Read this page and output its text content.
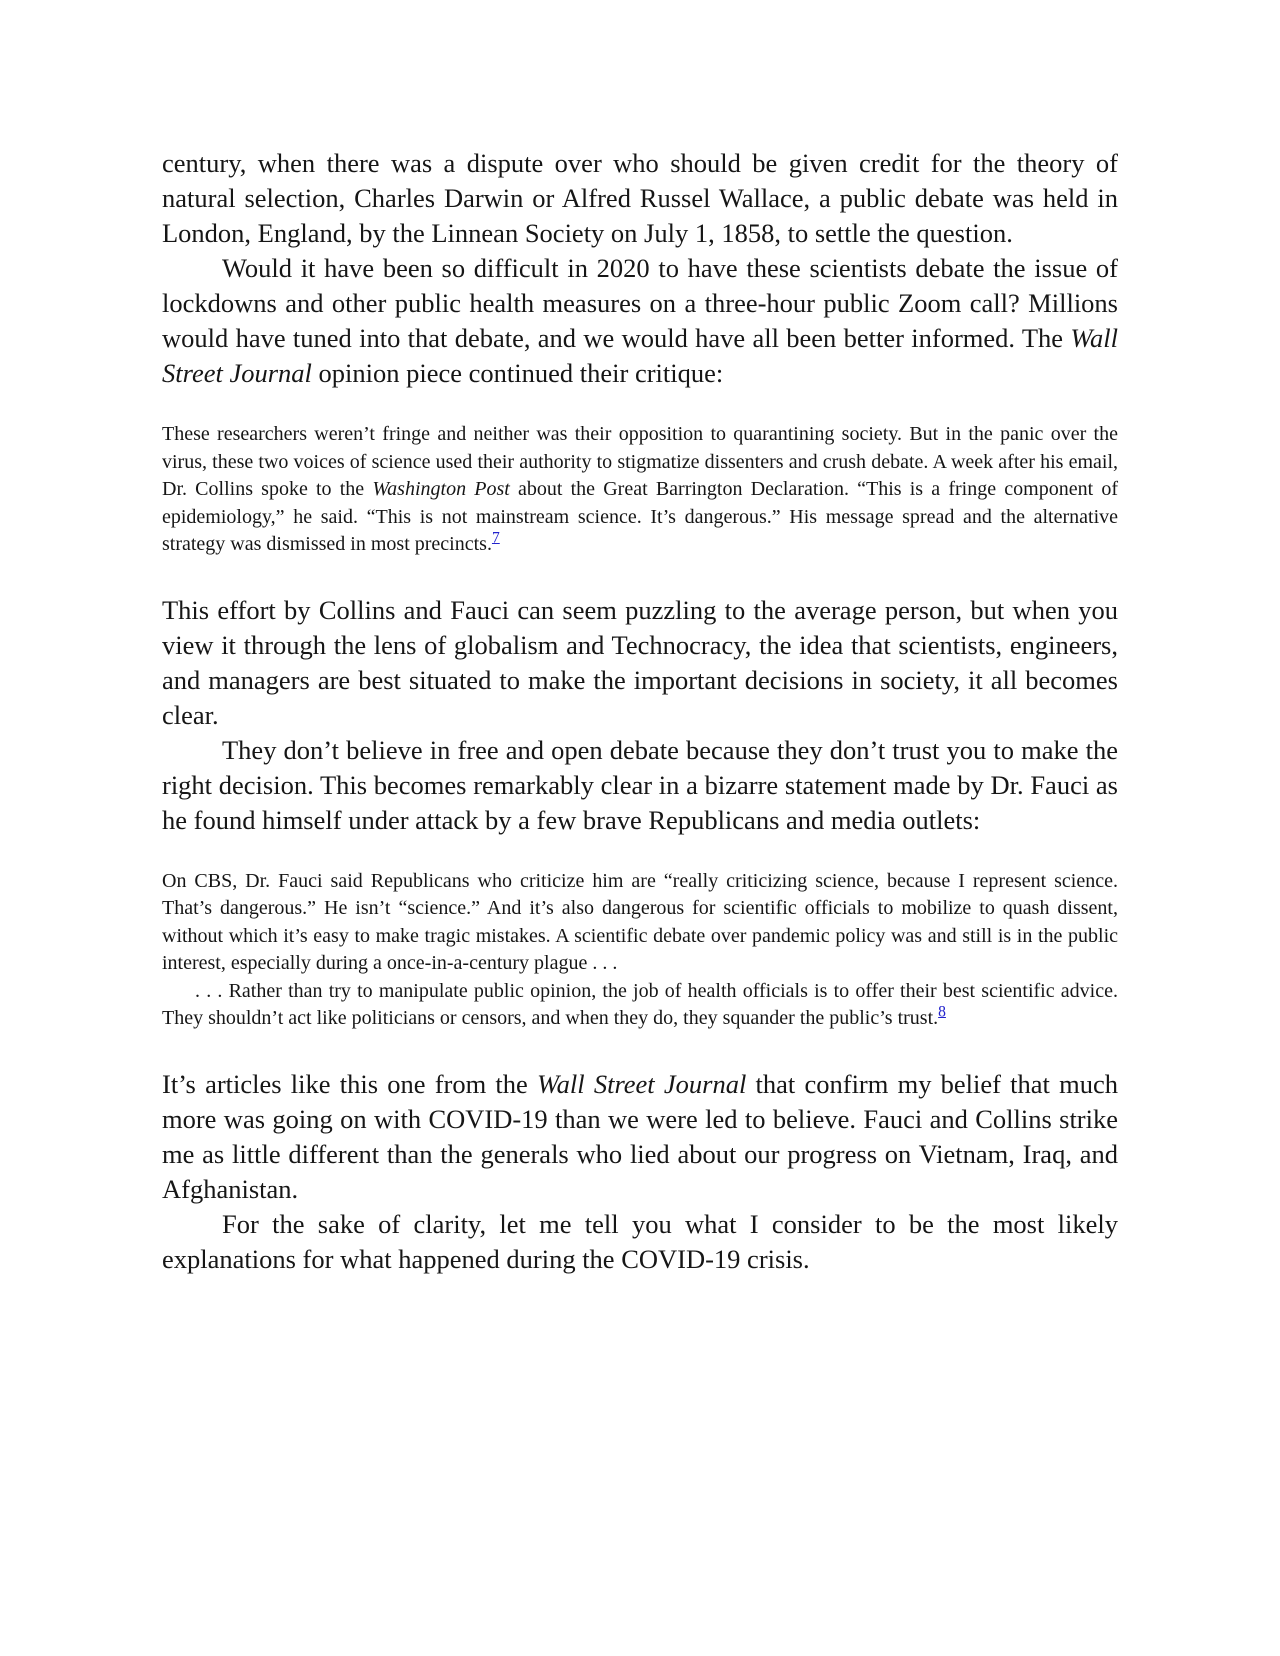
century, when there was a dispute over who should be given credit for the theory of natural selection, Charles Darwin or Alfred Russel Wallace, a public debate was held in London, England, by the Linnean Society on July 1, 1858, to settle the question.

Would it have been so difficult in 2020 to have these scientists debate the issue of lockdowns and other public health measures on a three-hour public Zoom call? Millions would have tuned into that debate, and we would have all been better informed. The Wall Street Journal opinion piece continued their critique:

These researchers weren’t fringe and neither was their opposition to quarantining society. But in the panic over the virus, these two voices of science used their authority to stigmatize dissenters and crush debate. A week after his email, Dr. Collins spoke to the Washington Post about the Great Barrington Declaration. “This is a fringe component of epidemiology,” he said. “This is not mainstream science. It’s dangerous.” His message spread and the alternative strategy was dismissed in most precincts.$^7$

This effort by Collins and Fauci can seem puzzling to the average person, but when you view it through the lens of globalism and Technocracy, the idea that scientists, engineers, and managers are best situated to make the important decisions in society, it all becomes clear.

They don’t believe in free and open debate because they don’t trust you to make the right decision. This becomes remarkably clear in a bizarre statement made by Dr. Fauci as he found himself under attack by a few brave Republicans and media outlets:

On CBS, Dr. Fauci said Republicans who criticize him are “really criticizing science, because I represent science. That’s dangerous.” He isn’t “science.” And it’s also dangerous for scientific officials to mobilize to quash dissent, without which it’s easy to make tragic mistakes. A scientific debate over pandemic policy was and still is in the public interest, especially during a once-in-a-century plague . . .

. . . Rather than try to manipulate public opinion, the job of health officials is to offer their best scientific advice. They shouldn’t act like politicians or censors, and when they do, they squander the public’s trust.$^8$

It’s articles like this one from the Wall Street Journal that confirm my belief that much more was going on with COVID-19 than we were led to believe. Fauci and Collins strike me as little different than the generals who lied about our progress on Vietnam, Iraq, and Afghanistan.

For the sake of clarity, let me tell you what I consider to be the most likely explanations for what happened during the COVID-19 crisis.
